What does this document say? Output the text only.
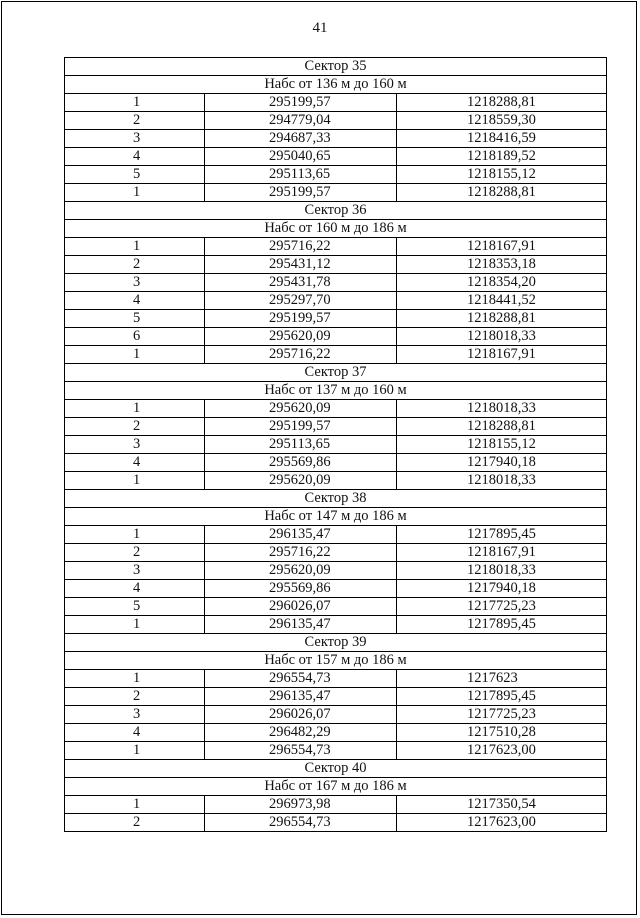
41
Сектор 35		
Набс от 136 м до 160 м		
1	295199,57	1218288,81
2	294779,04	1218559,30
3	294687,33	1218416,59
4	295040,65	1218189,52
5	295113,65	1218155,12
1	295199,57	1218288,81
Сектор 36		
Набс от 160 м до 186 м		
1	295716,22	1218167,91
2	295431,12	1218353,18
3	295431,78	1218354,20
4	295297,70	1218441,52
5	295199,57	1218288,81
6	295620,09	1218018,33
1	295716,22	1218167,91
Сектор 37		
Набс от 137 м до 160 м		
1	295620,09	1218018,33
2	295199,57	1218288,81
3	295113,65	1218155,12
4	295569,86	1217940,18
1	295620,09	1218018,33
Сектор 38		
Набс от 147 м до 186 м		
1	296135,47	1217895,45
2	295716,22	1218167,91
3	295620,09	1218018,33
4	295569,86	1217940,18
5	296026,07	1217725,23
1	296135,47	1217895,45
Сектор 39		
Набс от 157 м до 186 м		
1	296554,73	1217623
2	296135,47	1217895,45
3	296026,07	1217725,23
4	296482,29	1217510,28
1	296554,73	1217623,00
Сектор 40		
Набс от 167 м до 186 м		
1	296973,98	1217350,54
2	296554,73	1217623,00
